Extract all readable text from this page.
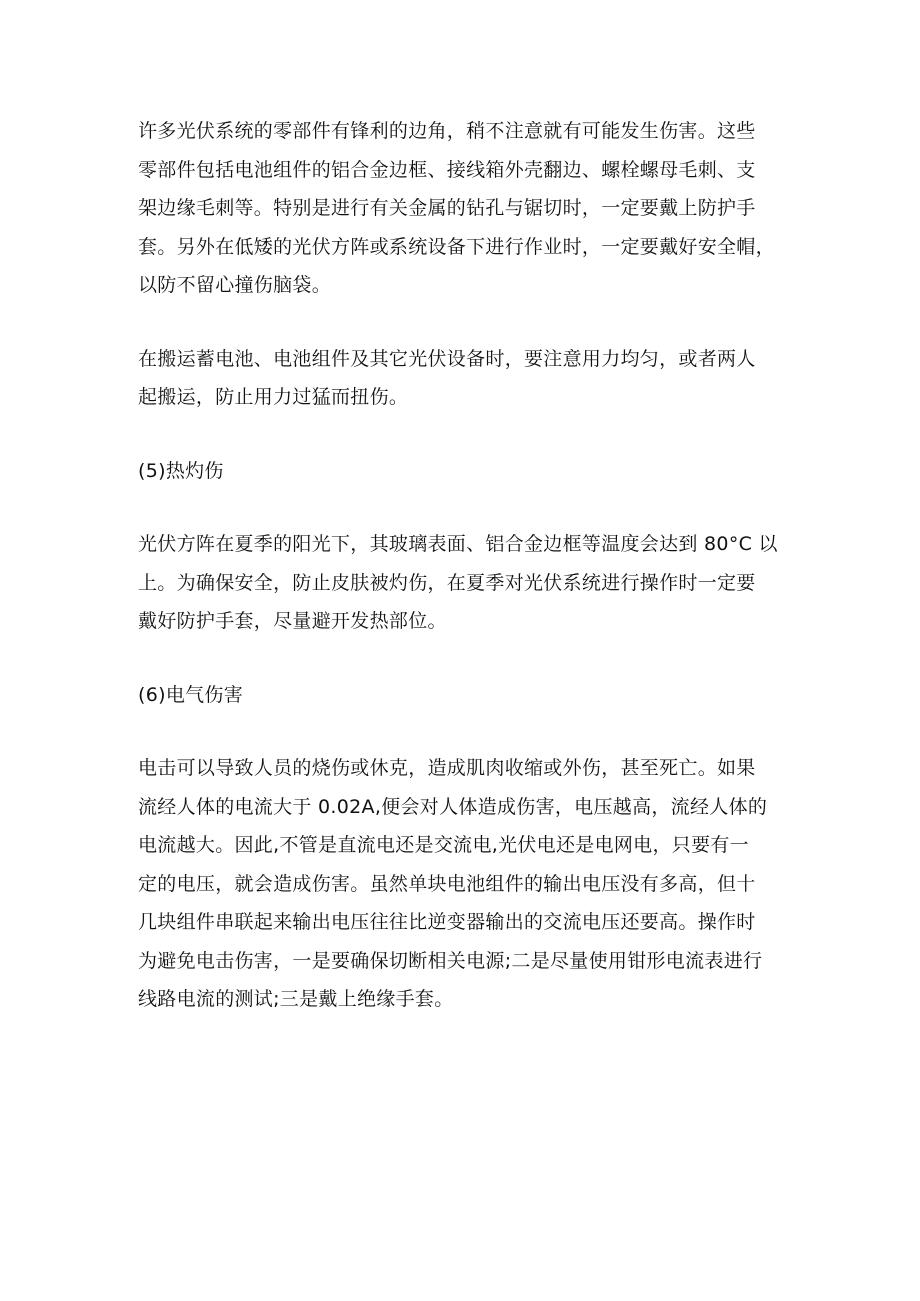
许多光伏系统的零部件有锋利的边角，稍不注意就有可能发生伤害。这些
零部件包括电池组件的铝合金边框、接线箱外壳翻边、螺栓螺母毛刺、支
架边缘毛刺等。特别是进行有关金属的钻孔与锯切时，一定要戴上防护手
套。另外在低矮的光伏方阵或系统设备下进行作业时，一定要戴好安全帽，
以防不留心撞伤脑袋。

在搬运蓄电池、电池组件及其它光伏设备时，要注意用力均匀，或者两人
起搬运，防止用力过猛而扭伤。

(5)热灼伤

光伏方阵在夏季的阳光下，其玻璃表面、铝合金边框等温度会达到 80°C 以
上。为确保安全，防止皮肤被灼伤，在夏季对光伏系统进行操作时一定要
戴好防护手套，尽量避开发热部位。

(6)电气伤害

电击可以导致人员的烧伤或休克，造成肌肉收缩或外伤，甚至死亡。如果
流经人体的电流大于 0.02A,便会对人体造成伤害，电压越高，流经人体的
电流越大。因此,不管是直流电还是交流电,光伏电还是电网电，只要有一
定的电压，就会造成伤害。虽然单块电池组件的输出电压没有多高，但十
几块组件串联起来输出电压往往比逆变器输出的交流电压还要高。操作时
为避免电击伤害，一是要确保切断相关电源;二是尽量使用钳形电流表进行
线路电流的测试;三是戴上绝缘手套。
